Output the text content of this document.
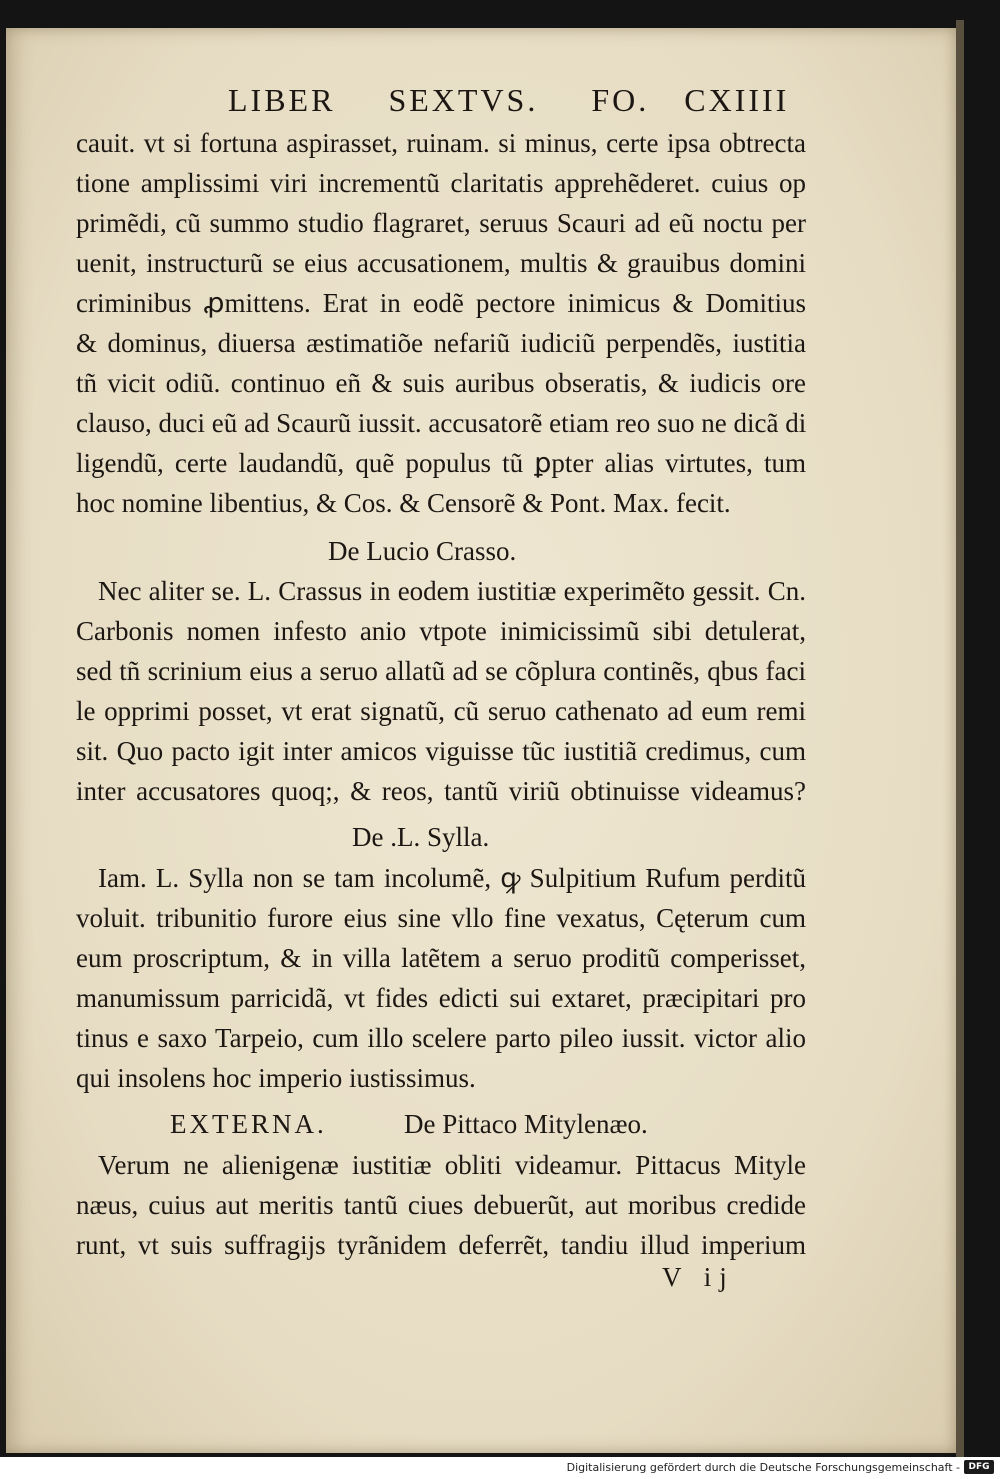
LIBER SEXTVS. FO. CXIIII
cauit. vt si fortuna aspirasset, ruinam. si minus, certe ipsa obtrecta
tione amplissimi viri incrementũ claritatis apprehẽderet. cuius op
primẽdi, cũ summo studio flagraret, seruus Scauri ad eũ noctu per
uenit, instructurũ se eius accusationem, multis & grauibus domini
criminibus ꝓmittens. Erat in eodẽ pectore inimicus & Domitius
& dominus, diuersa æstimatiõe nefariũ iudiciũ perpendẽs, iustitia
tñ vicit odiũ. continuo eñ & suis auribus obseratis, & iudicis ore
clauso, duci eũ ad Scaurũ iussit. accusatorẽ etiam reo suo ne dicã di
ligendũ, certe laudandũ, quẽ populus tũ ꝑpter alias virtutes, tum
hoc nomine libentius, & Cos. & Censorẽ & Pont. Max. fecit.
De Lucio Crasso.
Nec aliter se. L. Crassus in eodem iustitiæ experimẽto gessit. Cn.
Carbonis nomen infesto anio vtpote inimicissimũ sibi detulerat,
sed tñ scrinium eius a seruo allatũ ad se cõplura continẽs, qbus faci
le opprimi posset, vt erat signatũ, cũ seruo cathenato ad eum remi
sit. Quo pacto igit inter amicos viguisse tũc iustitiã credimus, cum
inter accusatores quoq;, & reos, tantũ viriũ obtinuisse videamus?
De .L. Sylla.
Iam. L. Sylla non se tam incolumẽ, ꝙ Sulpitium Rufum perditũ
voluit. tribunitio furore eius sine vllo fine vexatus, Cęterum cum
eum proscriptum, & in villa latẽtem a seruo proditũ comperisset,
manumissum parricidã, vt fides edicti sui extaret, præcipitari pro
tinus e saxo Tarpeio, cum illo scelere parto pileo iussit. victor alio
qui insolens hoc imperio iustissimus.
EXTERNA.	De Pittaco Mitylenæo.
Verum ne alienigenæ iustitiæ obliti videamur. Pittacus Mityle
næus, cuius aut meritis tantũ ciues debuerũt, aut moribus credide
runt, vt suis suffragijs tyrãnidem deferrẽt, tandiu illud imperium
V ij
Digitalisierung gefördert durch die Deutsche Forschungsgemeinschaft - DFG
